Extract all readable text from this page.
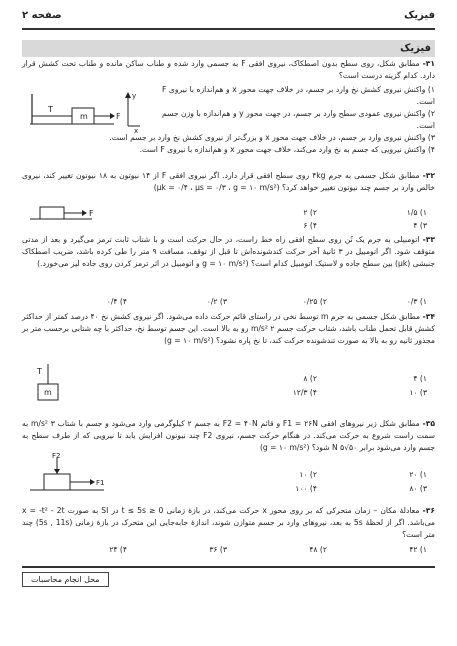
فیزیک
صفحه ۲
فیزیک
۳۱- مطابق شکل، روی سطح بدون اصطکاک، نیروی افقی F به جسمی وارد شده و طناب ساکن مانده و طناب تحت کشش قرار دارد. کدام گزینه درست است؟
۱) واکنش نیروی کشش نخ وارد بر جسم، در خلاف جهت محور x و هم‌اندازه با نیروی F است.
۲) واکنش نیروی عمودی سطح وارد بر جسم، در جهت محور y و هم‌اندازه با وزن جسم است.
۳) واکنش نیروی وارد بر جسم، در خلاف جهت محور x و بزرگ‌تر از نیروی کشش نخ وارد بر جسم است.
۴) واکنش نیرویی که جسم به نخ وارد می‌کند، خلاف جهت محور x و هم‌اندازه با نیروی F است.
T
m	F
y
x
۳۲- مطابق شکل جسمی به جرم ۴kg روی سطح افقی قرار دارد. اگر نیروی افقی F از ۱۴ نیوتون به ۱۸ نیوتون تغییر کند، نیروی خالص وارد بر جسم چند نیوتون تغییر خواهد کرد؟ (μk = ۰/۴ ، μs = ۰/۳ ، g = ۱۰ m/s²)
۱) ۱/۵
۲) ۲
۳) ۴
۴) ۶
F
۳۳- اتومبیلی به جرم یک تُن روی سطح افقی راه خط راست، در حال حرکت است و با شتاب ثابت ترمز می‌گیرد و بعد از مدتی متوقف شود. اگر اتومبیل در ۳ ثانیهٔ آخر حرکت کندشونده‌اش تا قبل از توقف، مسافت ۹ متر را طی کرده باشد، ضریب اصطکاک جنبشی (μk) بین سطح جاده و لاستیک اتومبیل کدام است؟ (g = ۱۰ m/s² و اتومبیل در اثر ترمز کردن روی جاده لیز می‌خورد.)
۱) ۰/۳
۲) ۰/۲۵
۳) ۰/۲
۴) ۰/۴
۳۴- مطابق شکل جسمی به جرم m توسط نخی در راستای قائم حرکت داده می‌شود. اگر نیروی کشش نخ ۴۰ درصد کمتر از حداکثر کشش قابل تحمل طناب باشد، شتاب حرکت جسم ۲ m/s² رو به بالا است. این جسم توسط نخ، حداکثر با چه شتابی برحسب متر بر مجذور ثانیه رو به بالا به صورت تندشونده حرکت کند، تا نخ پاره نشود؟ (g = ۱۰ m/s²)
۱) ۴
۲) ۸
۳) ۱۰
۴) ۱۲/۳
T
m
۳۵- مطابق شکل زیر نیروهای افقی F1 = ۲۶N و قائم F2 = ۴۰N به جسم ۲ کیلوگرمی وارد می‌شود و جسم با شتاب ۳ m/s² به سمت راست شروع به حرکت می‌کند. در هنگام حرکت جسم، نیروی F2 چند نیوتون افزایش یابد تا نیرویی که از طرف سطح به جسم وارد می‌شود برابر ۵۰√۵ N شود؟ (g = ۱۰ m/s²)
۱) ۲۰
۲) ۱۰
۳) ۸۰
۴) ۱۰۰
F2
F1
۳۶- معادلهٔ مکان – زمان متحرکی که بر روی محور x حرکت می‌کند، در بازهٔ زمانی 0 ≤ t ≤ 5s در SI به صورت x = -t² - 2t می‌باشد. اگر از لحظهٔ 5s به بعد، نیروهای وارد بر جسم متوازن شوند، اندازهٔ جابه‌جایی این متحرک در بازهٔ زمانی (5s , 11s) چند متر است؟
۱) ۴۲
۲) ۴۸
۳) ۳۶
۴) ۲۴
محل انجام محاسبات
